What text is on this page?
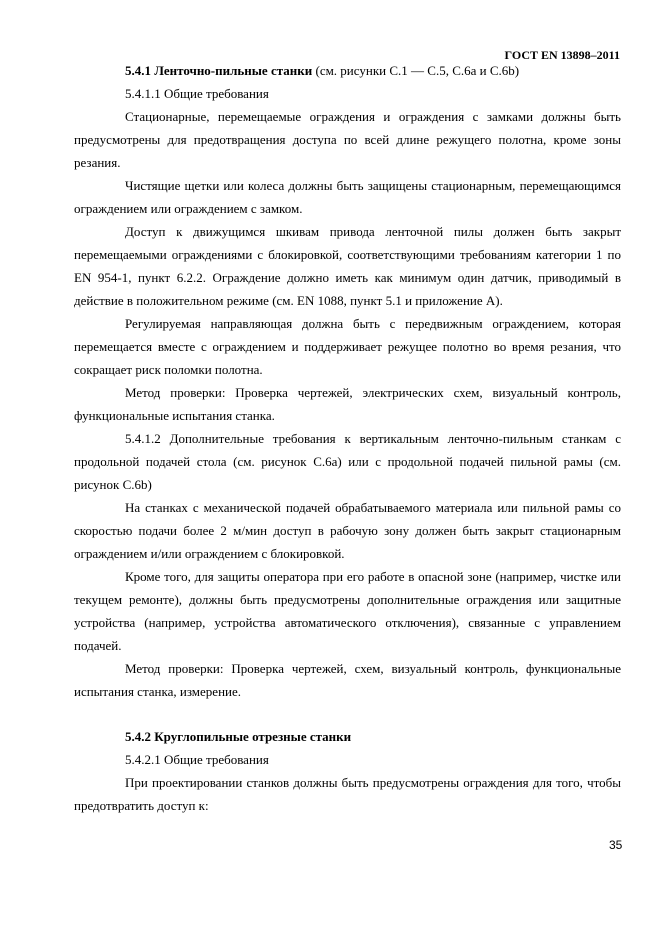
ГОСТ EN 13898–2011

5.4.1 Ленточно-пильные станки (см. рисунки С.1 — С.5, С.6a и С.6b)

5.4.1.1 Общие требования

Стационарные, перемещаемые ограждения и ограждения с замками должны быть предусмотрены для предотвращения доступа по всей длине режущего полотна, кроме зоны резания.

Чистящие щетки или колеса должны быть защищены стационарным, перемещающимся ограждением или ограждением с замком.

Доступ к движущимся шкивам привода ленточной пилы должен быть закрыт перемещаемыми ограждениями с блокировкой, соответствующими требованиям категории 1 по EN 954-1, пункт 6.2.2. Ограждение должно иметь как минимум один датчик, приводимый в действие в положительном режиме (см. EN 1088, пункт 5.1 и приложение А).

Регулируемая направляющая должна быть с передвижным ограждением, которая перемещается вместе с ограждением и поддерживает режущее полотно во время резания, что сокращает риск поломки полотна.

Метод проверки: Проверка чертежей, электрических схем, визуальный контроль, функциональные испытания станка.

5.4.1.2 Дополнительные требования к вертикальным ленточно-пильным станкам с продольной подачей стола (см. рисунок С.6a) или с продольной подачей пильной рамы (см. рисунок С.6b)

На станках с механической подачей обрабатываемого материала или пильной рамы со скоростью подачи более 2 м/мин доступ в рабочую зону должен быть закрыт стационарным ограждением и/или ограждением с блокировкой.

Кроме того, для защиты оператора при его работе в опасной зоне (например, чистке или текущем ремонте), должны быть предусмотрены дополнительные ограждения или защитные устройства (например, устройства автоматического отключения), связанные с управлением подачей.

Метод проверки: Проверка чертежей, схем, визуальный контроль, функциональные испытания станка, измерение.

5.4.2 Круглопильные отрезные станки

5.4.2.1 Общие требования

При проектировании станков должны быть предусмотрены ограждения для того, чтобы предотвратить доступ к:

35
